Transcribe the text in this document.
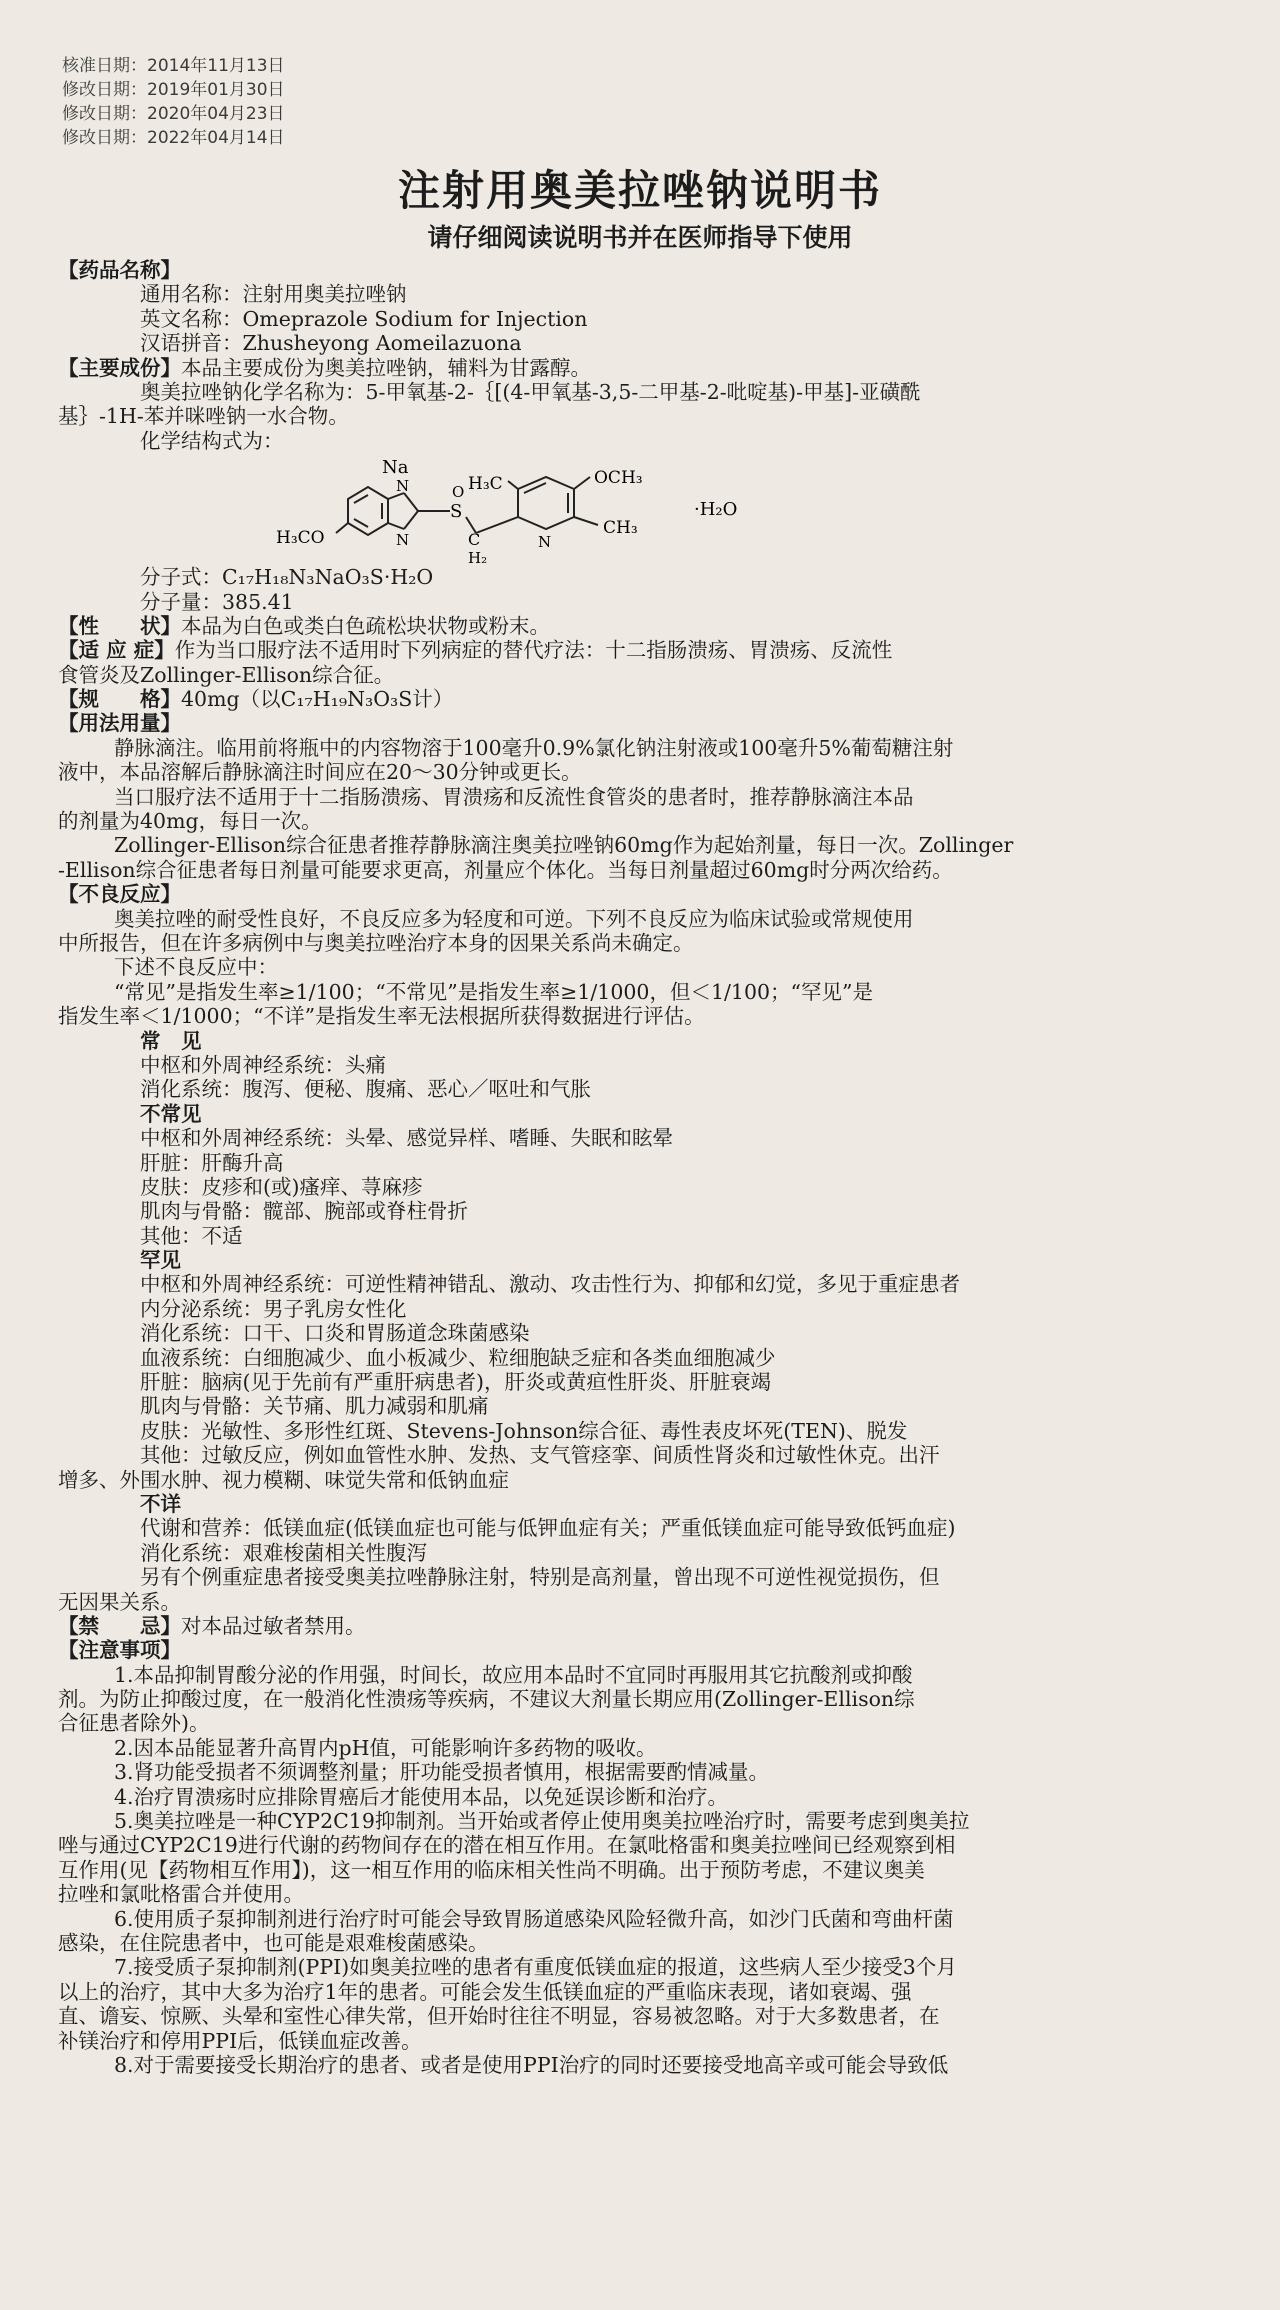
核准日期：2014年11月13日
修改日期：2019年01月30日
修改日期：2020年04月23日
修改日期：2022年04月14日
注射用奥美拉唑钠说明书
请仔细阅读说明书并在医师指导下使用
【药品名称】
通用名称：注射用奥美拉唑钠
英文名称：Omeprazole Sodium for Injection
汉语拼音：Zhusheyong Aomeilazuona
【主要成份】本品主要成份为奥美拉唑钠，辅料为甘露醇。
奥美拉唑钠化学名称为：5-甲氧基-2-｛[(4-甲氧基-3,5-二甲基-2-吡啶基)-甲基]-亚磺酰
基｝-1H-苯并咪唑钠一水合物。
化学结构式为：
Na
N
N
S
O H₃C	OCH₃
CH₃
H₃CO	C
H₂
N
·H₂O
分子式：C₁₇H₁₈N₃NaO₃S·H₂O
分子量：385.41
【性　　状】本品为白色或类白色疏松块状物或粉末。
【适 应 症】作为当口服疗法不适用时下列病症的替代疗法：十二指肠溃疡、胃溃疡、反流性
食管炎及Zollinger-Ellison综合征。
【规　　格】40mg（以C₁₇H₁₉N₃O₃S计）
【用法用量】
静脉滴注。临用前将瓶中的内容物溶于100毫升0.9%氯化钠注射液或100毫升5%葡萄糖注射
液中，本品溶解后静脉滴注时间应在20～30分钟或更长。
当口服疗法不适用于十二指肠溃疡、胃溃疡和反流性食管炎的患者时，推荐静脉滴注本品
的剂量为40mg，每日一次。
Zollinger-Ellison综合征患者推荐静脉滴注奥美拉唑钠60mg作为起始剂量，每日一次。Zollinger
-Ellison综合征患者每日剂量可能要求更高，剂量应个体化。当每日剂量超过60mg时分两次给药。
【不良反应】
奥美拉唑的耐受性良好，不良反应多为轻度和可逆。下列不良反应为临床试验或常规使用
中所报告，但在许多病例中与奥美拉唑治疗本身的因果关系尚未确定。
下述不良反应中：
“常见”是指发生率≥1/100；“不常见”是指发生率≥1/1000，但＜1/100；“罕见”是
指发生率＜1/1000；“不详”是指发生率无法根据所获得数据进行评估。
常　见
中枢和外周神经系统：头痛
消化系统：腹泻、便秘、腹痛、恶心／呕吐和气胀
不常见
中枢和外周神经系统：头晕、感觉异样、嗜睡、失眠和眩晕
肝脏：肝酶升高
皮肤：皮疹和(或)瘙痒、荨麻疹
肌肉与骨骼：髋部、腕部或脊柱骨折
其他：不适
罕见
中枢和外周神经系统：可逆性精神错乱、激动、攻击性行为、抑郁和幻觉，多见于重症患者
内分泌系统：男子乳房女性化
消化系统：口干、口炎和胃肠道念珠菌感染
血液系统：白细胞减少、血小板减少、粒细胞缺乏症和各类血细胞减少
肝脏：脑病(见于先前有严重肝病患者)，肝炎或黄疸性肝炎、肝脏衰竭
肌肉与骨骼：关节痛、肌力减弱和肌痛
皮肤：光敏性、多形性红斑、Stevens-Johnson综合征、毒性表皮坏死(TEN)、脱发
其他：过敏反应，例如血管性水肿、发热、支气管痉挛、间质性肾炎和过敏性休克。出汗
增多、外围水肿、视力模糊、味觉失常和低钠血症
不详
代谢和营养：低镁血症(低镁血症也可能与低钾血症有关；严重低镁血症可能导致低钙血症)
消化系统：艰难梭菌相关性腹泻
另有个例重症患者接受奥美拉唑静脉注射，特别是高剂量，曾出现不可逆性视觉损伤，但
无因果关系。
【禁　　忌】对本品过敏者禁用。
【注意事项】
1.本品抑制胃酸分泌的作用强，时间长，故应用本品时不宜同时再服用其它抗酸剂或抑酸
剂。为防止抑酸过度，在一般消化性溃疡等疾病，不建议大剂量长期应用(Zollinger-Ellison综
合征患者除外)。
2.因本品能显著升高胃内pH值，可能影响许多药物的吸收。
3.肾功能受损者不须调整剂量；肝功能受损者慎用，根据需要酌情减量。
4.治疗胃溃疡时应排除胃癌后才能使用本品，以免延误诊断和治疗。
5.奥美拉唑是一种CYP2C19抑制剂。当开始或者停止使用奥美拉唑治疗时，需要考虑到奥美拉
唑与通过CYP2C19进行代谢的药物间存在的潜在相互作用。在氯吡格雷和奥美拉唑间已经观察到相
互作用(见【药物相互作用】)，这一相互作用的临床相关性尚不明确。出于预防考虑，不建议奥美
拉唑和氯吡格雷合并使用。
6.使用质子泵抑制剂进行治疗时可能会导致胃肠道感染风险轻微升高，如沙门氏菌和弯曲杆菌
感染，在住院患者中，也可能是艰难梭菌感染。
7.接受质子泵抑制剂(PPI)如奥美拉唑的患者有重度低镁血症的报道，这些病人至少接受3个月
以上的治疗，其中大多为治疗1年的患者。可能会发生低镁血症的严重临床表现，诸如衰竭、强
直、谵妄、惊厥、头晕和室性心律失常，但开始时往往不明显，容易被忽略。对于大多数患者，在
补镁治疗和停用PPI后，低镁血症改善。
8.对于需要接受长期治疗的患者、或者是使用PPI治疗的同时还要接受地高辛或可能会导致低
